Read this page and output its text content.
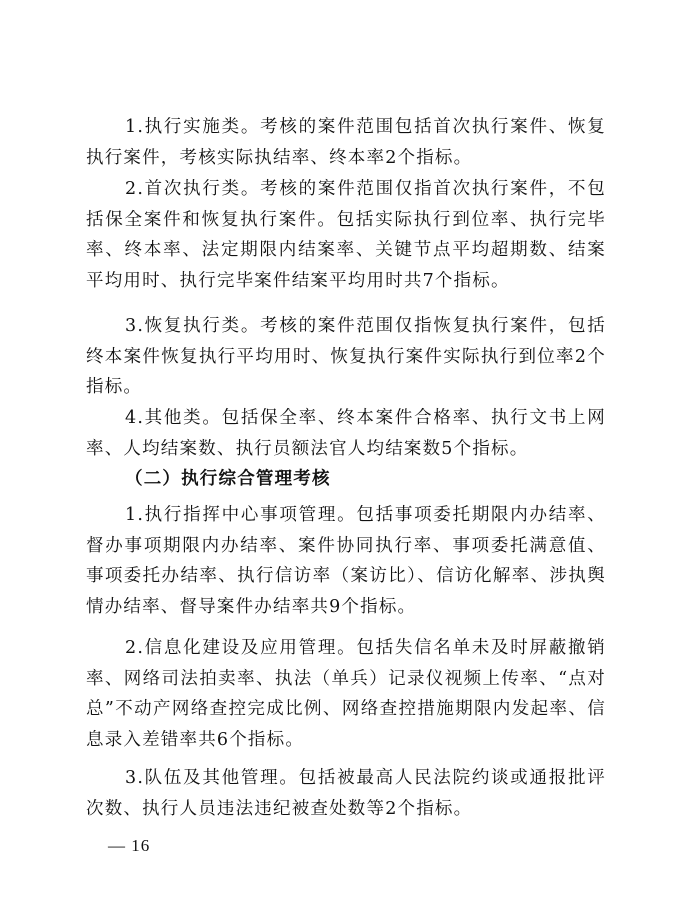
1.执行实施类。考核的案件范围包括首次执行案件、恢复执行案件，考核实际执结率、终本率2个指标。

2.首次执行类。考核的案件范围仅指首次执行案件，不包括保全案件和恢复执行案件。包括实际执行到位率、执行完毕率、终本率、法定期限内结案率、关键节点平均超期数、结案平均用时、执行完毕案件结案平均用时共7个指标。

3.恢复执行类。考核的案件范围仅指恢复执行案件，包括终本案件恢复执行平均用时、恢复执行案件实际执行到位率2个指标。

4.其他类。包括保全率、终本案件合格率、执行文书上网率、人均结案数、执行员额法官人均结案数5个指标。

（二）执行综合管理考核

1.执行指挥中心事项管理。包括事项委托期限内办结率、督办事项期限内办结率、案件协同执行率、事项委托满意值、事项委托办结率、执行信访率（案访比）、信访化解率、涉执舆情办结率、督导案件办结率共9个指标。

2.信息化建设及应用管理。包括失信名单未及时屏蔽撤销率、网络司法拍卖率、执法（单兵）记录仪视频上传率、“点对总”不动产网络查控完成比例、网络查控措施期限内发起率、信息录入差错率共6个指标。

3.队伍及其他管理。包括被最高人民法院约谈或通报批评次数、执行人员违法违纪被查处数等2个指标。

— 16
